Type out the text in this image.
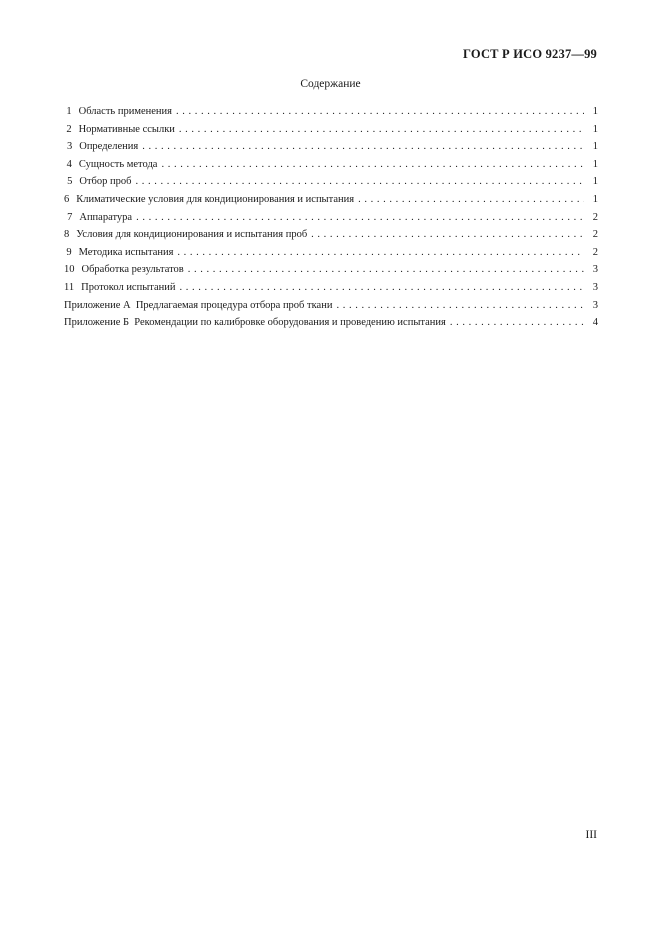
ГОСТ Р ИСО 9237—99
Содержание
1 Область применения . . .	1
2 Нормативные ссылки . . .	1
3 Определения . . .	1
4 Сущность метода . . .	1
5 Отбор проб . . .	1
6 Климатические условия для кондиционирования и испытания . . .	1
7 Аппаратура . . .	2
8 Условия для кондиционирования и испытания проб . . .	2
9 Методика испытания . . .	2
10 Обработка результатов . . .	3
11 Протокол испытаний . . .	3
Приложение А  Предлагаемая процедура отбора проб ткани . . .	3
Приложение Б  Рекомендации по калибровке оборудования и проведению испытания . . .	4
III
